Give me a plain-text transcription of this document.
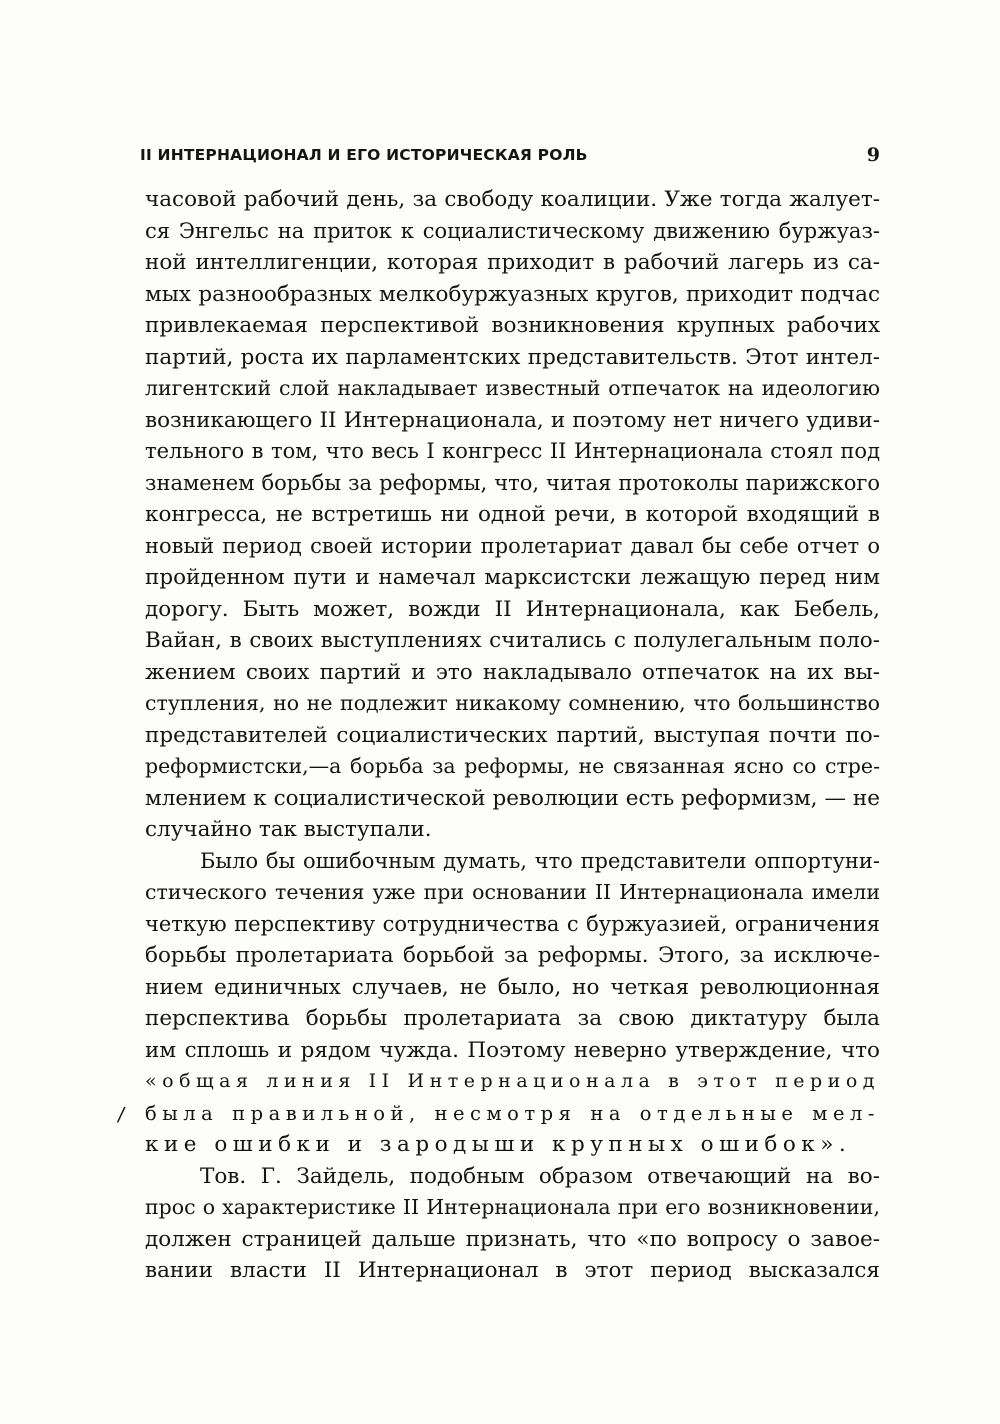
II ИНТЕРНАЦИОНАЛ И ЕГО ИСТОРИЧЕСКАЯ РОЛЬ	9
/
часовой рабочий день, за свободу коалиции. Уже тогда жалует-
ся Энгельс на приток к социалистическому движению буржуаз-
ной интеллигенции, которая приходит в рабочий лагерь из са-
мых разнообразных мелкобуржуазных кругов, приходит подчас
привлекаемая перспективой возникновения крупных рабочих
партий, роста их парламентских представительств. Этот интел-
лигентский слой накладывает известный отпечаток на идеологию
возникающего II Интернационала, и поэтому нет ничего удиви-
тельного в том, что весь I конгресс II Интернационала стоял под
знаменем борьбы за реформы, что, читая протоколы парижского
конгресса, не встретишь ни одной речи, в которой входящий в
новый период своей истории пролетариат давал бы себе отчет о
пройденном пути и намечал марксистски лежащую перед ним
дорогу. Быть может, вожди II Интернационала, как Бебель,
Вайан, в своих выступлениях считались с полулегальным поло-
жением своих партий и это накладывало отпечаток на их вы-
ступления, но не подлежит никакому сомнению, что большинство
представителей социалистических партий, выступая почти по-
реформистски,—а борьба за реформы, не связанная ясно со стре-
млением к социалистической революции есть реформизм, — не
случайно так выступали.
Было бы ошибочным думать, что представители оппортуни-
стического течения уже при основании II Интернационала имели
четкую перспективу сотрудничества с буржуазией, ограничения
борьбы пролетариата борьбой за реформы. Этого, за исключе-
нием единичных случаев, не было, но четкая революционная
перспектива борьбы пролетариата за свою диктатуру была
им сплошь и рядом чужда. Поэтому неверно утверждение, что
«общая линия II Интернационала в этот период
была правильной, несмотря на отдельные мел-
кие ошибки и зародыши крупных ошибок».
Тов. Г. Зайдель, подобным образом отвечающий на во-
прос о характеристике II Интернационала при его возникновении,
должен страницей дальше признать, что «по вопросу о завое-
вании власти II Интернационал в этот период высказался
